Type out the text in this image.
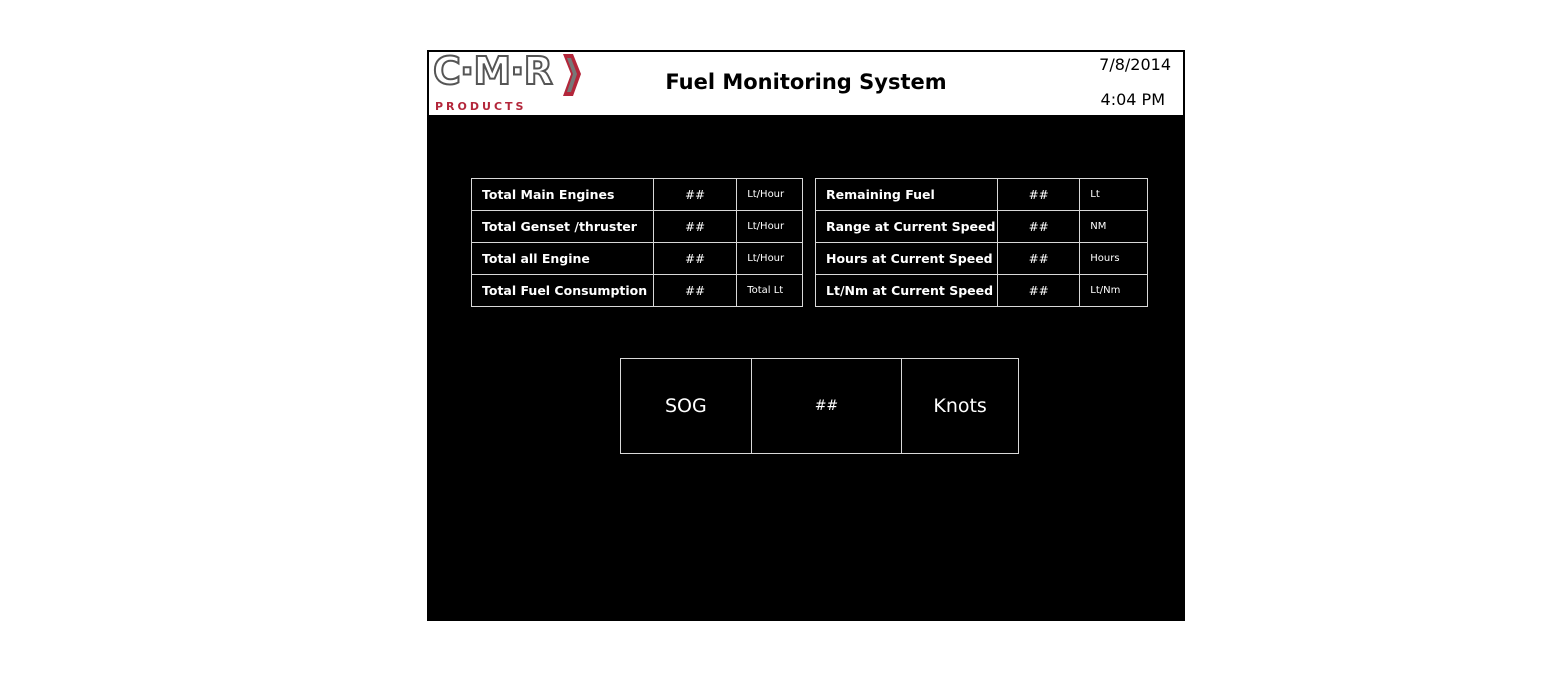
C·M·R
PRODUCTS
Fuel Monitoring System
7/8/2014
4:04 PM
Total Main Engines	##	Lt/Hour
Total Genset /thruster	##	Lt/Hour
Total all Engine	##	Lt/Hour
Total Fuel Consumption	##	Total Lt
Remaining Fuel	##	Lt
Range at Current Speed	##	NM
Hours at Current Speed	##	Hours
Lt/Nm at Current Speed	##	Lt/Nm
SOG	##	Knots
